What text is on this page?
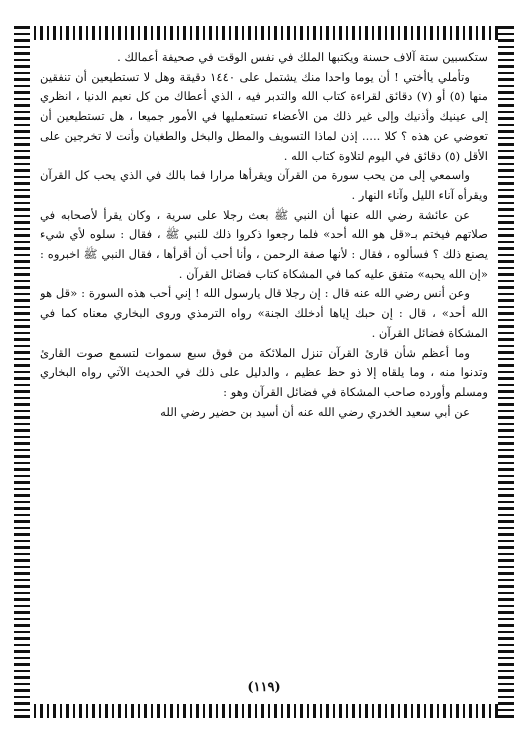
ستكسبين ستة آلاف حسنة ويكتبها الملك في نفس الوقت في صحيفة أعمالك .

وتأملي ياأختي ! أن يوما واحدا منك يشتمل على ١٤٤٠ دقيقة وهل لا تستطيعين أن تنفقين منها (٥) أو (٧) دقائق لقراءة كتاب الله والتدبر فيه ، الذي أعطاك من كل نعيم الدنيا ، انظري إلى عينيك وأذنيك وإلى غير ذلك من الأعضاء تستعمليها في الأمور جميعا ، هل تستطيعين أن تعوضي عن هذه ؟ كلا ..... إذن لماذا التسويف والمطل والبخل والطغيان وأنت لا تخرجين على الأقل (٥) دقائق في اليوم لتلاوة كتاب الله .

واسمعي إلى من يحب سورة من القرآن ويقرأها مرارا فما بالك في الذي يحب كل القرآن ويقرأه آناء الليل وآناء النهار .

عن عائشة رضي الله عنها أن النبي ﷺ بعث رجلا على سرية ، وكان يقرأ لأصحابه في صلاتهم فيختم بـ«قل هو الله أحد» فلما رجعوا ذكروا ذلك للنبي ﷺ ، فقال : سلوه لأي شيء يصنع ذلك ؟ فسألوه ، فقال : لأنها صفة الرحمن ، وأنا أحب أن أقرأها ، فقال النبي ﷺ اخبروه : «إن الله يحبه» متفق عليه كما في المشكاة كتاب فضائل القرآن .

وعن أنس رضي الله عنه قال : إن رجلا قال يارسول الله ! إني أحب هذه السورة : «قل هو الله أحد» ، قال : إن حبك إياها أدخلك الجنة» رواه الترمذي وروى البخاري معناه كما في المشكاة فضائل القرآن .

وما أعظم شأن قارئ القرآن تنزل الملائكة من فوق سبع سموات لتسمع صوت القارئ وتدنوا منه ، وما يلقاه إلا ذو حظ عظيم ، والدليل على ذلك في الحديث الآتي رواه البخاري ومسلم وأورده صاحب المشكاة في فضائل القرآن وهو :

عن أبي سعيد الخدري رضي الله عنه أن أسيد بن حضير رضي الله

(١١٩)
